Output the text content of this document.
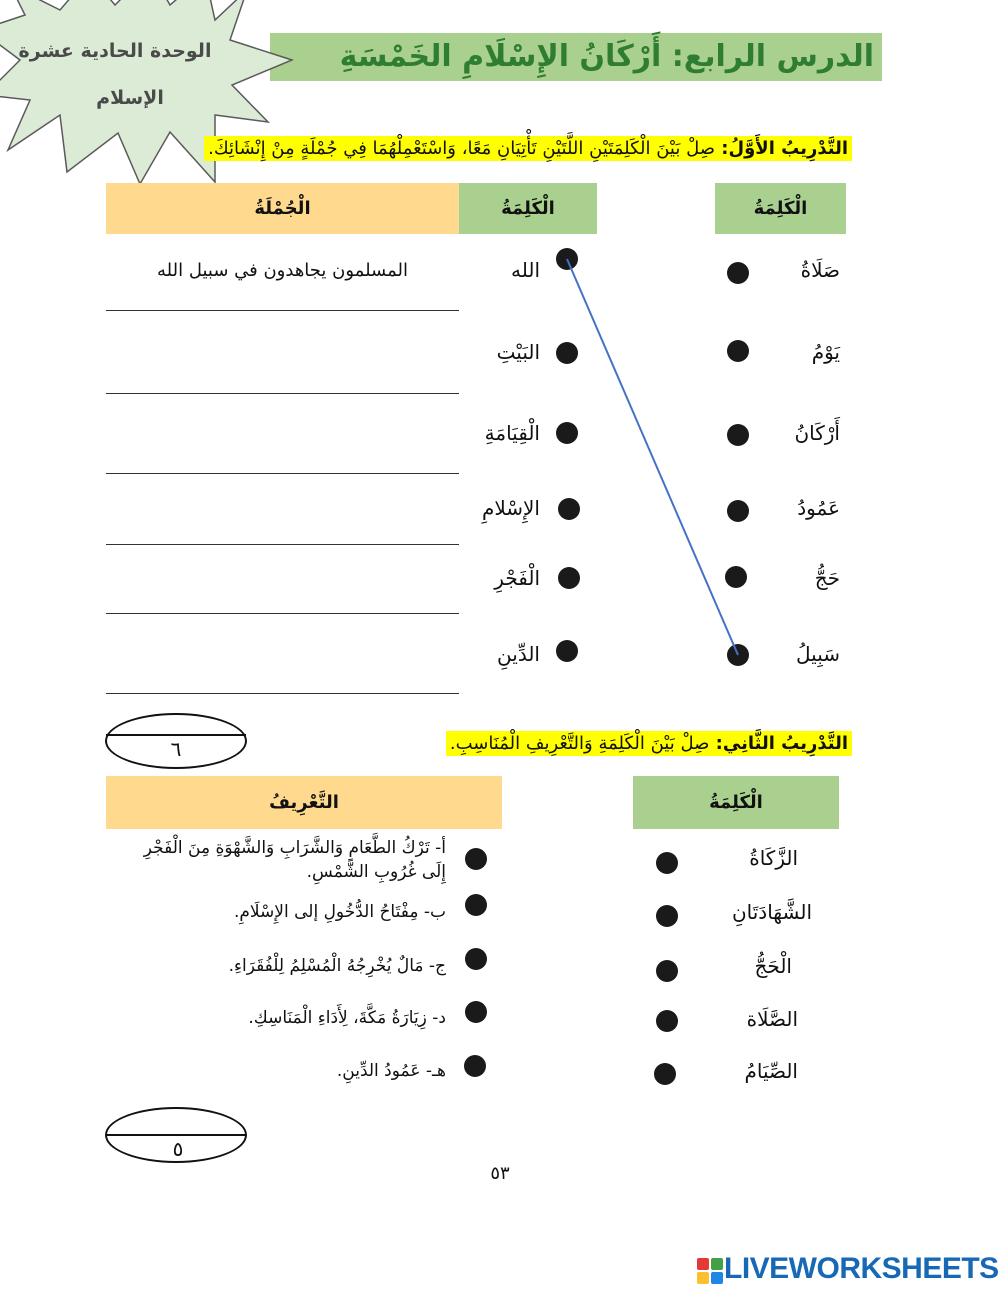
الدرس الرابع: أَرْكَانُ الإِسْلَامِ الخَمْسَةِ
الوحدة الحادية عشرة
الإسلام
التَّدْرِيبُ الأَوَّلُ: صِلْ بَيْنَ الْكَلِمَتَيْنِ اللَّتَيْنِ تَأْتِيَانِ مَعًا، وَاسْتَعْمِلْهُمَا فِي جُمْلَةٍ مِنْ إِنْشَائِكَ.
الْكَلِمَةُ
الْكَلِمَةُ
الْجُمْلَةُ
صَلَاةُ
يَوْمُ
أَرْكَانُ
عَمُودُ
حَجُّ
سَبِيلُ
الله
البَيْتِ
الْقِيَامَةِ
الإِسْلامِ
الْفَجْرِ
الدِّينِ
المسلمون يجاهدون في سبيل الله
٦	التَّدْرِيبُ الثَّانِي: صِلْ بَيْنَ الْكَلِمَةِ وَالتَّعْرِيفِ الْمُنَاسِبِ.
الْكَلِمَةُ
التَّعْرِيفُ
الزَّكَاةُ
الشَّهَادَتَانِ
الْحَجُّ
الصَّلَاة
الصِّيَامُ
أ- تَرْكُ الطَّعَامِ وَالشَّرَابِ وَالشَّهْوَةِ مِنَ الْفَجْرِ إِلَى غُرُوبِ الشَّمْسِ.
ب- مِفْتَاحُ الدُّخُولِ إلى الإِسْلَامِ.
ج- مَالٌ يُخْرِجُهُ الْمُسْلِمُ لِلْفُقَرَاءِ.
د- زِيَارَةُ مَكَّةَ، لِأَدَاءِ الْمَنَاسِكِ.
هـ- عَمُودُ الدِّينِ.
٥
٥٣
LIVEWORKSHEETS
